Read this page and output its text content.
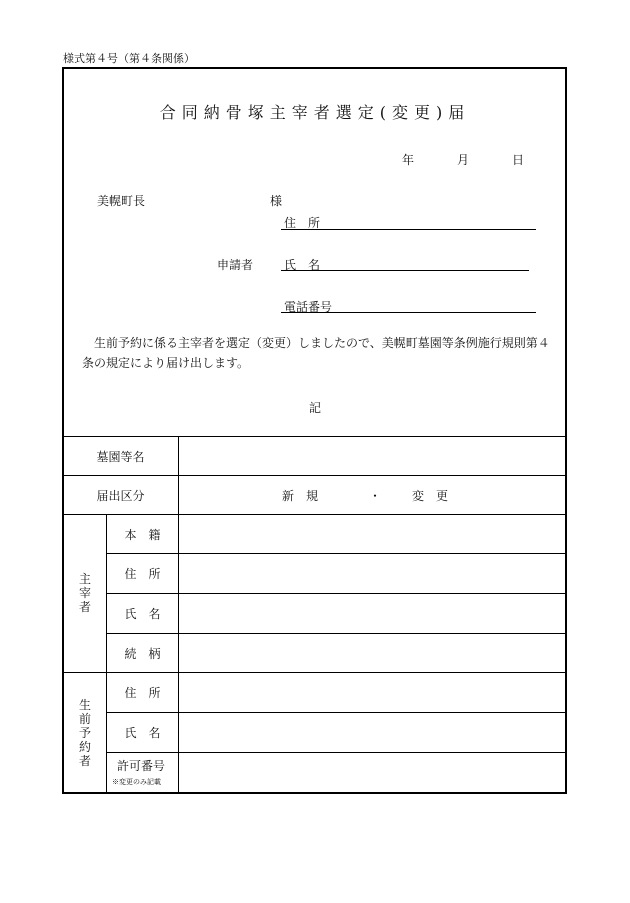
様式第４号（第４条関係）
合同納骨塚主宰者選定(変更)届
年	月	日
美幌町長	様
住　所
申請者	氏　名
電話番号
生前予約に係る主宰者を選定（変更）しましたので、美幌町墓園等条例施行規則第４条の規定により届け出します。
記
墓園等名
届出区分	新　規	・	変　更
主宰者
本　籍
住　所
氏　名
続　柄
生前予約者
住　所
氏　名
許可番号
※変更のみ記載
